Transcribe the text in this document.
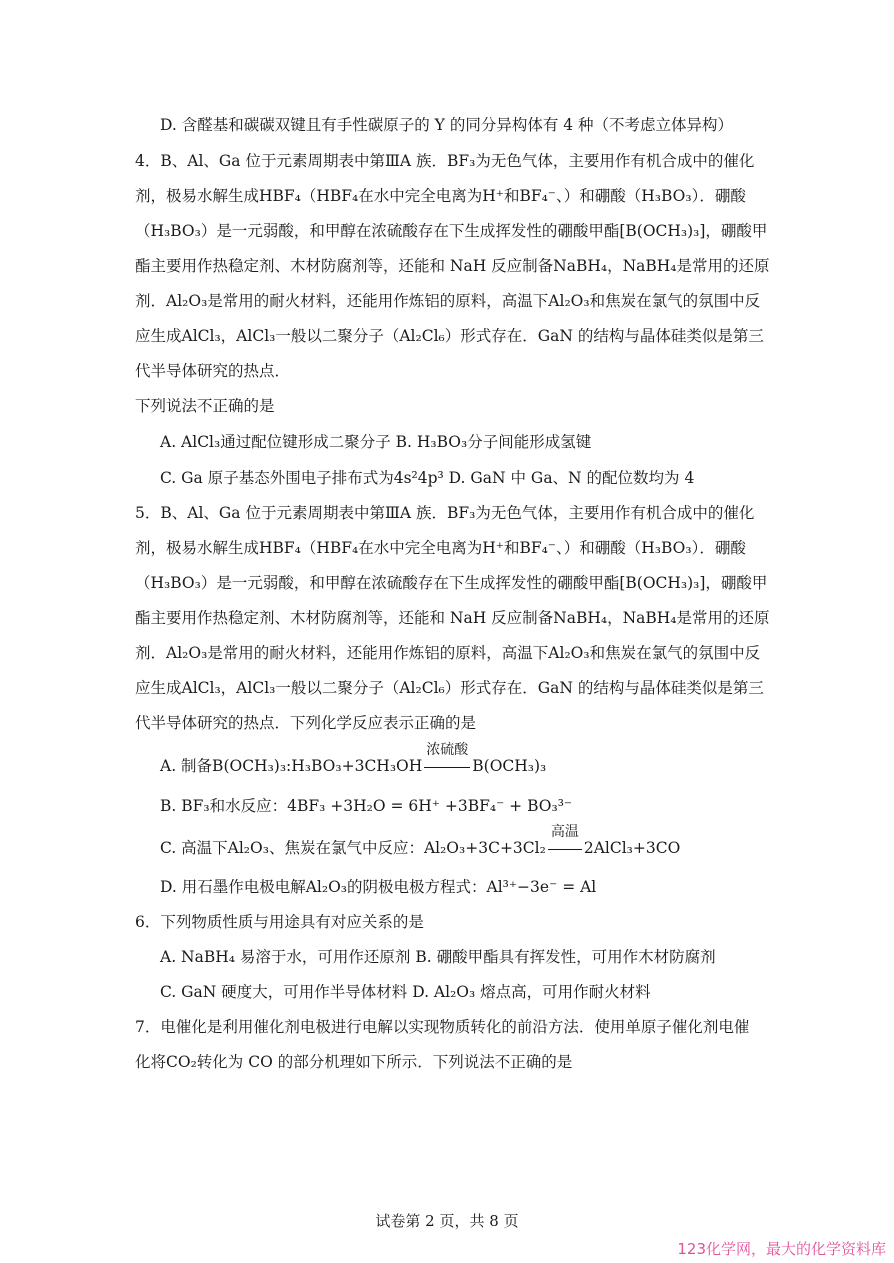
D. 含醛基和碳碳双键且有手性碳原子的 Y 的同分异构体有 4 种（不考虑立体异构）
4．B、Al、Ga 位于元素周期表中第ⅢA 族．BF₃为无色气体，主要用作有机合成中的催化
剂，极易水解生成HBF₄（HBF₄在水中完全电离为H⁺和BF₄⁻、）和硼酸（H₃BO₃）．硼酸
（H₃BO₃）是一元弱酸，和甲醇在浓硫酸存在下生成挥发性的硼酸甲酯[B(OCH₃)₃]，硼酸甲
酯主要用作热稳定剂、木材防腐剂等，还能和 NaH 反应制备NaBH₄，NaBH₄是常用的还原
剂．Al₂O₃是常用的耐火材料，还能用作炼铝的原料，高温下Al₂O₃和焦炭在氯气的氛围中反
应生成AlCl₃，AlCl₃一般以二聚分子（Al₂Cl₆）形式存在．GaN 的结构与晶体硅类似是第三
代半导体研究的热点．
下列说法不正确的是
A. AlCl₃通过配位键形成二聚分子 B. H₃BO₃分子间能形成氢键
C. Ga 原子基态外围电子排布式为4s²4p³ D. GaN 中 Ga、N 的配位数均为 4
5．B、Al、Ga 位于元素周期表中第ⅢA 族．BF₃为无色气体，主要用作有机合成中的催化
剂，极易水解生成HBF₄（HBF₄在水中完全电离为H⁺和BF₄⁻、）和硼酸（H₃BO₃）．硼酸
（H₃BO₃）是一元弱酸，和甲醇在浓硫酸存在下生成挥发性的硼酸甲酯[B(OCH₃)₃]，硼酸甲
酯主要用作热稳定剂、木材防腐剂等，还能和 NaH 反应制备NaBH₄，NaBH₄是常用的还原
剂．Al₂O₃是常用的耐火材料，还能用作炼铝的原料，高温下Al₂O₃和焦炭在氯气的氛围中反
应生成AlCl₃，AlCl₃一般以二聚分子（Al₂Cl₆）形式存在．GaN 的结构与晶体硅类似是第三
代半导体研究的热点．下列化学反应表示正确的是
A. 制备B(OCH₃)₃:H₃BO₃+3CH₃OH
浓硫酸
B(OCH₃)₃
B. BF₃和水反应：4BF₃ +3H₂O = 6H⁺ +3BF₄⁻ + BO₃³⁻
C. 高温下Al₂O₃、焦炭在氯气中反应：Al₂O₃+3C+3Cl₂
高温
2AlCl₃+3CO
D. 用石墨作电极电解Al₂O₃的阴极电极方程式：Al³⁺−3e⁻ = Al
6．下列物质性质与用途具有对应关系的是
A. NaBH₄ 易溶于水，可用作还原剂 B. 硼酸甲酯具有挥发性，可用作木材防腐剂
C. GaN 硬度大，可用作半导体材料 D. Al₂O₃ 熔点高，可用作耐火材料
7．电催化是利用催化剂电极进行电解以实现物质转化的前沿方法．使用单原子催化剂电催
化将CO₂转化为 CO 的部分机理如下所示．下列说法不正确的是
试卷第 2 页，共 8 页
123化学网，最大的化学资料库
